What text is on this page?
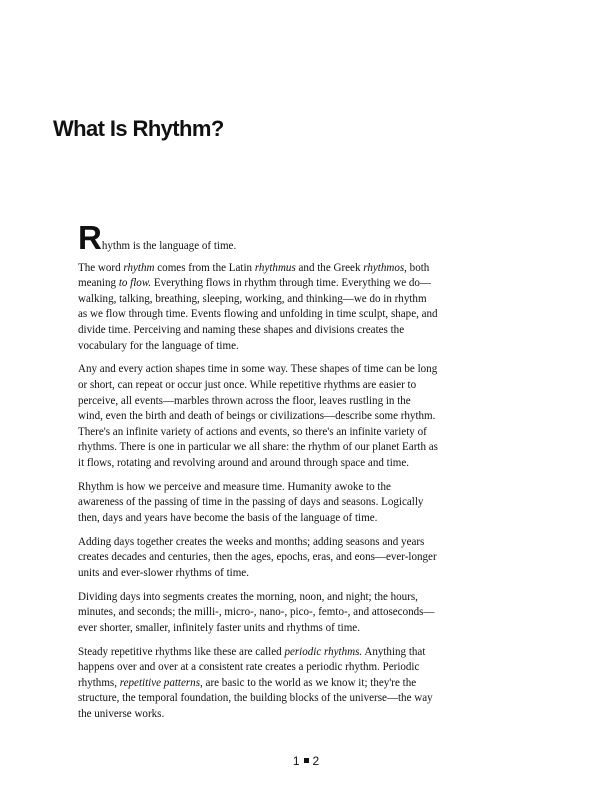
What Is Rhythm?

Rhythm is the language of time.

The word rhythm comes from the Latin rhythmus and the Greek rhythmos, both meaning to flow. Everything flows in rhythm through time. Everything we do—walking, talking, breathing, sleeping, working, and thinking—we do in rhythm as we flow through time. Events flowing and unfolding in time sculpt, shape, and divide time. Perceiving and naming these shapes and divisions creates the vocabulary for the language of time.

Any and every action shapes time in some way. These shapes of time can be long or short, can repeat or occur just once. While repetitive rhythms are easier to perceive, all events—marbles thrown across the floor, leaves rustling in the wind, even the birth and death of beings or civilizations—describe some rhythm. There's an infinite variety of actions and events, so there's an infinite variety of rhythms. There is one in particular we all share: the rhythm of our planet Earth as it flows, rotating and revolving around and around through space and time.

Rhythm is how we perceive and measure time. Humanity awoke to the awareness of the passing of time in the passing of days and seasons. Logically then, days and years have become the basis of the language of time.

Adding days together creates the weeks and months; adding seasons and years creates decades and centuries, then the ages, epochs, eras, and eons—ever-longer units and ever-slower rhythms of time.

Dividing days into segments creates the morning, noon, and night; the hours, minutes, and seconds; the milli-, micro-, nano-, pico-, femto-, and attoseconds—ever shorter, smaller, infinitely faster units and rhythms of time.

Steady repetitive rhythms like these are called periodic rhythms. Anything that happens over and over at a consistent rate creates a periodic rhythm. Periodic rhythms, repetitive patterns, are basic to the world as we know it; they're the structure, the temporal foundation, the building blocks of the universe—the way the universe works.

1 2
